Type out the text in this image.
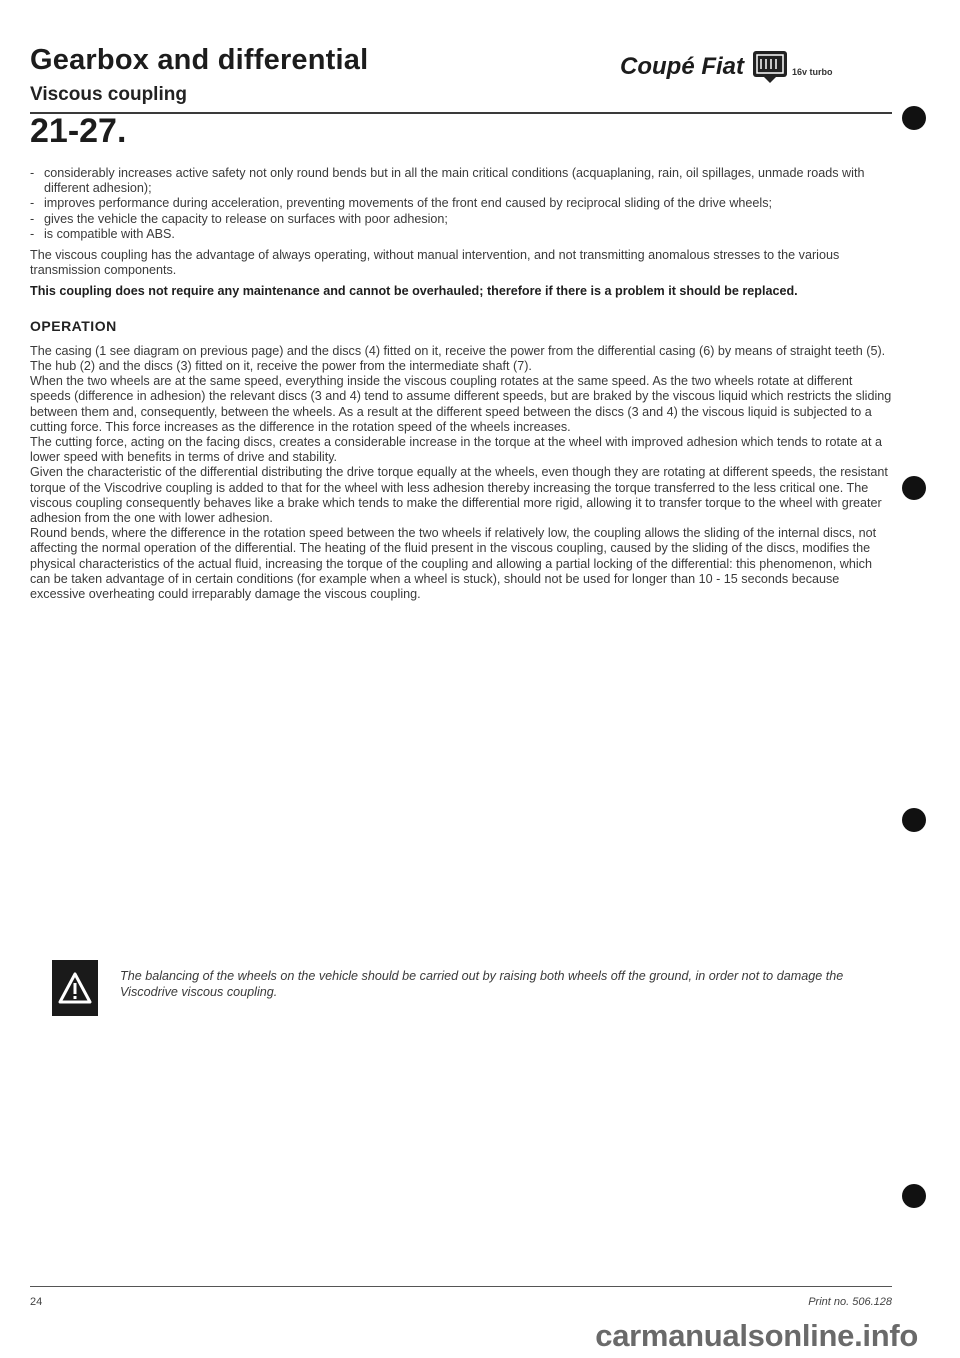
Gearbox and differential
Viscous coupling
Coupé Fiat	16v turbo
21-27.
- considerably increases active safety not only round bends but in all the main critical conditions (acquaplaning, rain, oil spillages, unmade roads with different adhesion);
- improves performance during acceleration, preventing movements of the front end caused by reciprocal sliding of the drive wheels;
- gives the vehicle the capacity to release on surfaces with poor adhesion;
- is compatible with ABS.

The viscous coupling has the advantage of always operating, without manual intervention, and not transmitting anomalous stresses to the various transmission components.

This coupling does not require any maintenance and cannot be overhauled; therefore if there is a problem it should be replaced.

OPERATION

The casing (1 see diagram on previous page) and the discs (4) fitted on it, receive the power from the differential casing (6) by means of straight teeth (5).

The hub (2) and the discs (3) fitted on it, receive the power from the intermediate shaft (7).

When the two wheels are at the same speed, everything inside the viscous coupling rotates at the same speed. As the two wheels rotate at different speeds (difference in adhesion) the relevant discs (3 and 4) tend to assume different speeds, but are braked by the viscous liquid which restricts the sliding between them and, consequently, between the wheels. As a result at the different speed between the discs (3 and 4) the viscous liquid is subjected to a cutting force. This force increases as the difference in the rotation speed of the wheels increases.

The cutting force, acting on the facing discs, creates a considerable increase in the torque at the wheel with improved adhesion which tends to rotate at a lower speed with benefits in terms of drive and stability.

Given the characteristic of the differential distributing the drive torque equally at the wheels, even though they are rotating at different speeds, the resistant torque of the Viscodrive coupling is added to that for the wheel with less adhesion thereby increasing the torque transferred to the less critical one. The viscous coupling consequently behaves like a brake which tends to make the differential more rigid, allowing it to transfer torque to the wheel with greater adhesion from the one with lower adhesion.

Round bends, where the difference in the rotation speed between the two wheels if relatively low, the coupling allows the sliding of the internal discs, not affecting the normal operation of the differential. The heating of the fluid present in the viscous coupling, caused by the sliding of the discs, modifies the physical characteristics of the actual fluid, increasing the torque of the coupling and allowing a partial locking of the differential: this phenomenon, which can be taken advantage of in certain conditions (for example when a wheel is stuck), should not be used for longer than 10 - 15 seconds because excessive overheating could irreparably damage the viscous coupling.

The balancing of the wheels on the vehicle should be carried out by raising both wheels off the ground, in order not to damage the Viscodrive viscous coupling.
24	Print no. 506.128
carmanualsonline.info
